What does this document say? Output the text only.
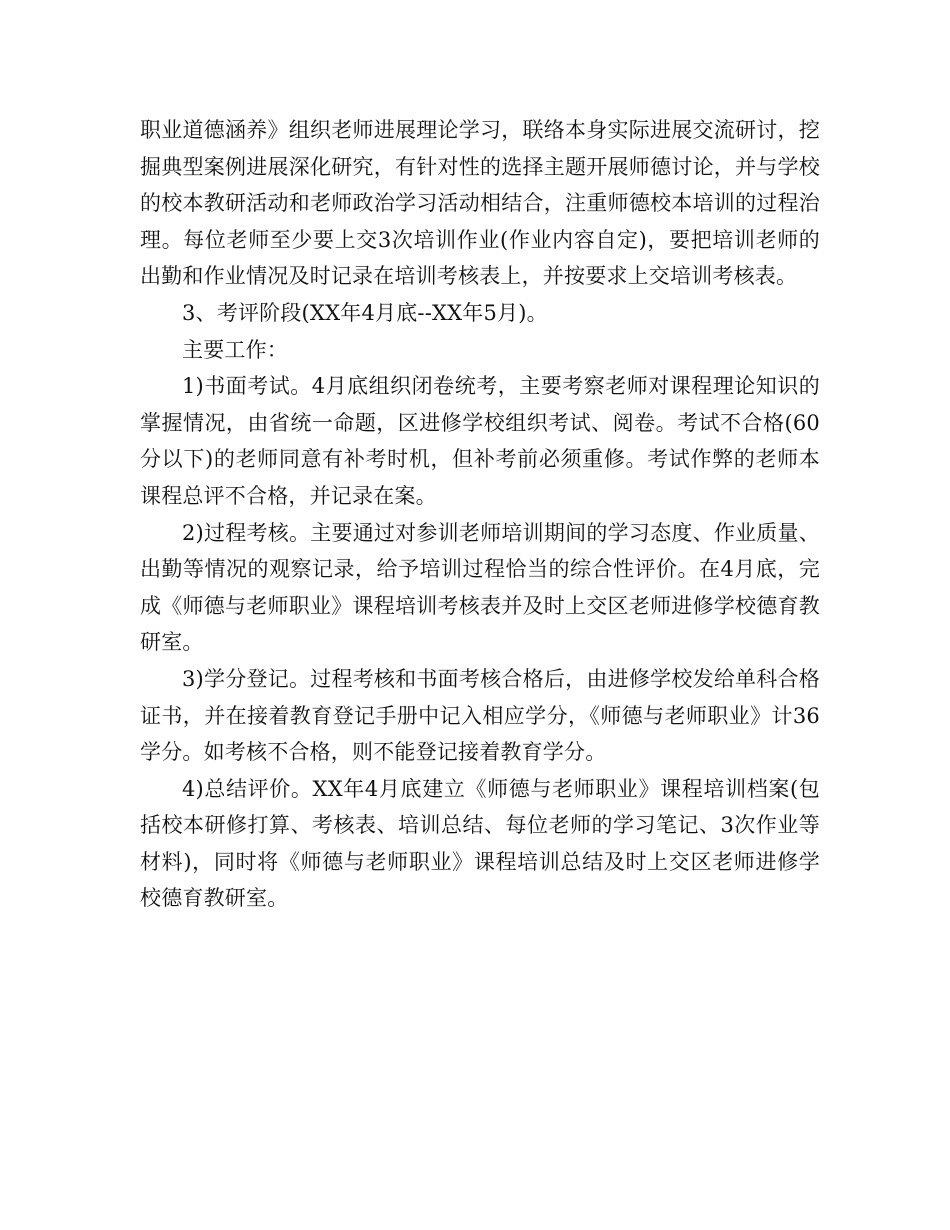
职业道德涵养》组织老师进展理论学习，联络本身实际进展交流研讨，挖掘典型案例进展深化研究，有针对性的选择主题开展师德讨论，并与学校的校本教研活动和老师政治学习活动相结合，注重师德校本培训的过程治理。每位老师至少要上交3次培训作业(作业内容自定)，要把培训老师的出勤和作业情况及时记录在培训考核表上，并按要求上交培训考核表。

3、考评阶段(XX年4月底--XX年5月)。

主要工作：

1)书面考试。4月底组织闭卷统考，主要考察老师对课程理论知识的掌握情况，由省统一命题，区进修学校组织考试、阅卷。考试不合格(60分以下)的老师同意有补考时机，但补考前必须重修。考试作弊的老师本课程总评不合格，并记录在案。

2)过程考核。主要通过对参训老师培训期间的学习态度、作业质量、出勤等情况的观察记录，给予培训过程恰当的综合性评价。在4月底，完成《师德与老师职业》课程培训考核表并及时上交区老师进修学校德育教研室。

3)学分登记。过程考核和书面考核合格后，由进修学校发给单科合格证书，并在接着教育登记手册中记入相应学分，《师德与老师职业》计36学分。如考核不合格，则不能登记接着教育学分。

4)总结评价。XX年4月底建立《师德与老师职业》课程培训档案(包括校本研修打算、考核表、培训总结、每位老师的学习笔记、3次作业等材料)，同时将《师德与老师职业》课程培训总结及时上交区老师进修学校德育教研室。
